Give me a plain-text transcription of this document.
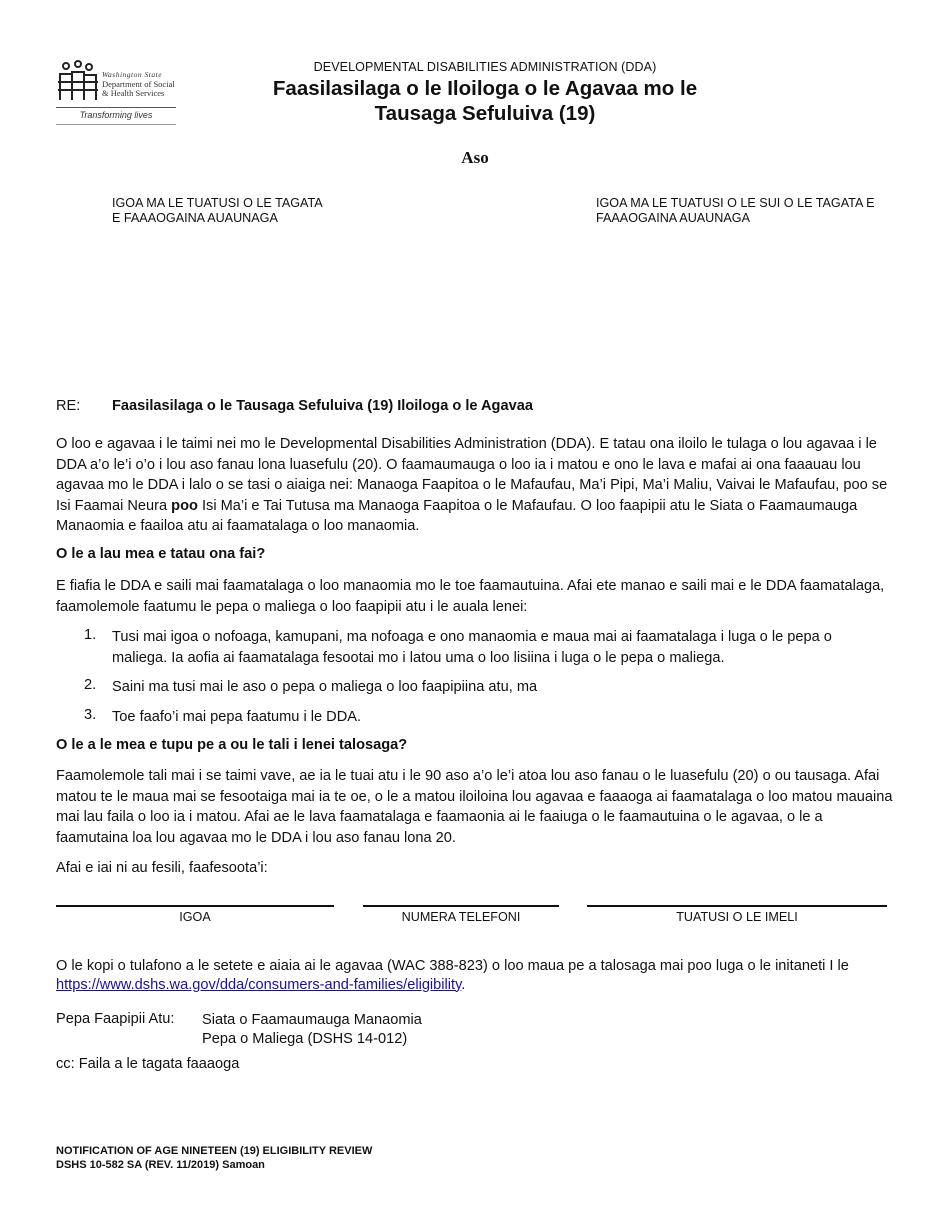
Washington State
Department of Social
& Health Services
Transforming lives
DEVELOPMENTAL DISABILITIES ADMINISTRATION (DDA)
Faasilasilaga o le Iloiloga o le Agavaa mo le
Tausaga Sefuluiva (19)
Aso
IGOA MA LE TUATUSI O LE TAGATA
E FAAAOGAINA AUAUNAGA
IGOA MA LE TUATUSI O LE SUI O LE TAGATA E
FAAAOGAINA AUAUNAGA
RE: Faasilasilaga o le Tausaga Sefuluiva (19) Iloiloga o le Agavaa
O loo e agavaa i le taimi nei mo le Developmental Disabilities Administration (DDA). E tatau ona iloilo le tulaga o lou agavaa i le DDA a’o le’i o’o i lou aso fanau lona luasefulu (20). O faamaumauga o loo ia i matou e ono le lava e mafai ai ona faaauau lou agavaa mo le DDA i lalo o se tasi o aiaiga nei: Manaoga Faapitoa o le Mafaufau, Ma’i Pipi, Ma’i Maliu, Vaivai le Mafaufau, poo se Isi Faamai Neura poo Isi Ma’i e Tai Tutusa ma Manaoga Faapitoa o le Mafaufau. O loo faapipii atu le Siata o Faamaumauga Manaomia e faailoa atu ai faamatalaga o loo manaomia.
O le a lau mea e tatau ona fai?
E fiafia le DDA e saili mai faamatalaga o loo manaomia mo le toe faamautuina. Afai ete manao e saili mai e le DDA faamatalaga, faamolemole faatumu le pepa o maliega o loo faapipii atu i le auala lenei:
1. Tusi mai igoa o nofoaga, kamupani, ma nofoaga e ono manaomia e maua mai ai faamatalaga i luga o le pepa o maliega. Ia aofia ai faamatalaga fesootai mo i latou uma o loo lisiina i luga o le pepa o maliega.
2. Saini ma tusi mai le aso o pepa o maliega o loo faapipiina atu, ma
3. Toe faafo’i mai pepa faatumu i le DDA.
O le a le mea e tupu pe a ou le tali i lenei talosaga?
Faamolemole tali mai i se taimi vave, ae ia le tuai atu i le 90 aso a’o le’i atoa lou aso fanau o le luasefulu (20) o ou tausaga. Afai matou te le maua mai se fesootaiga mai ia te oe, o le a matou iloiloina lou agavaa e faaaoga ai faamatalaga o loo matou mauaina mai lau faila o loo ia i matou. Afai ae le lava faamatalaga e faamaonia ai le faaiuga o le faamautuina o le agavaa, o le a faamutaina loa lou agavaa mo le DDA i lou aso fanau lona 20.
Afai e iai ni au fesili, faafesoota’i:
IGOA	NUMERA TELEFONI	TUATUSI O LE IMELI
O le kopi o tulafono a le setete e aiaia ai le agavaa (WAC 388-823) o loo maua pe a talosaga mai poo luga o le initaneti I le https://www.dshs.wa.gov/dda/consumers-and-families/eligibility.
Pepa Faapipii Atu: Siata o Faamaumauga Manaomia
Pepa o Maliega (DSHS 14-012)
cc: Faila a le tagata faaaoga
NOTIFICATION OF AGE NINETEEN (19) ELIGIBILITY REVIEW
DSHS 10-582 SA (REV. 11/2019) Samoan
